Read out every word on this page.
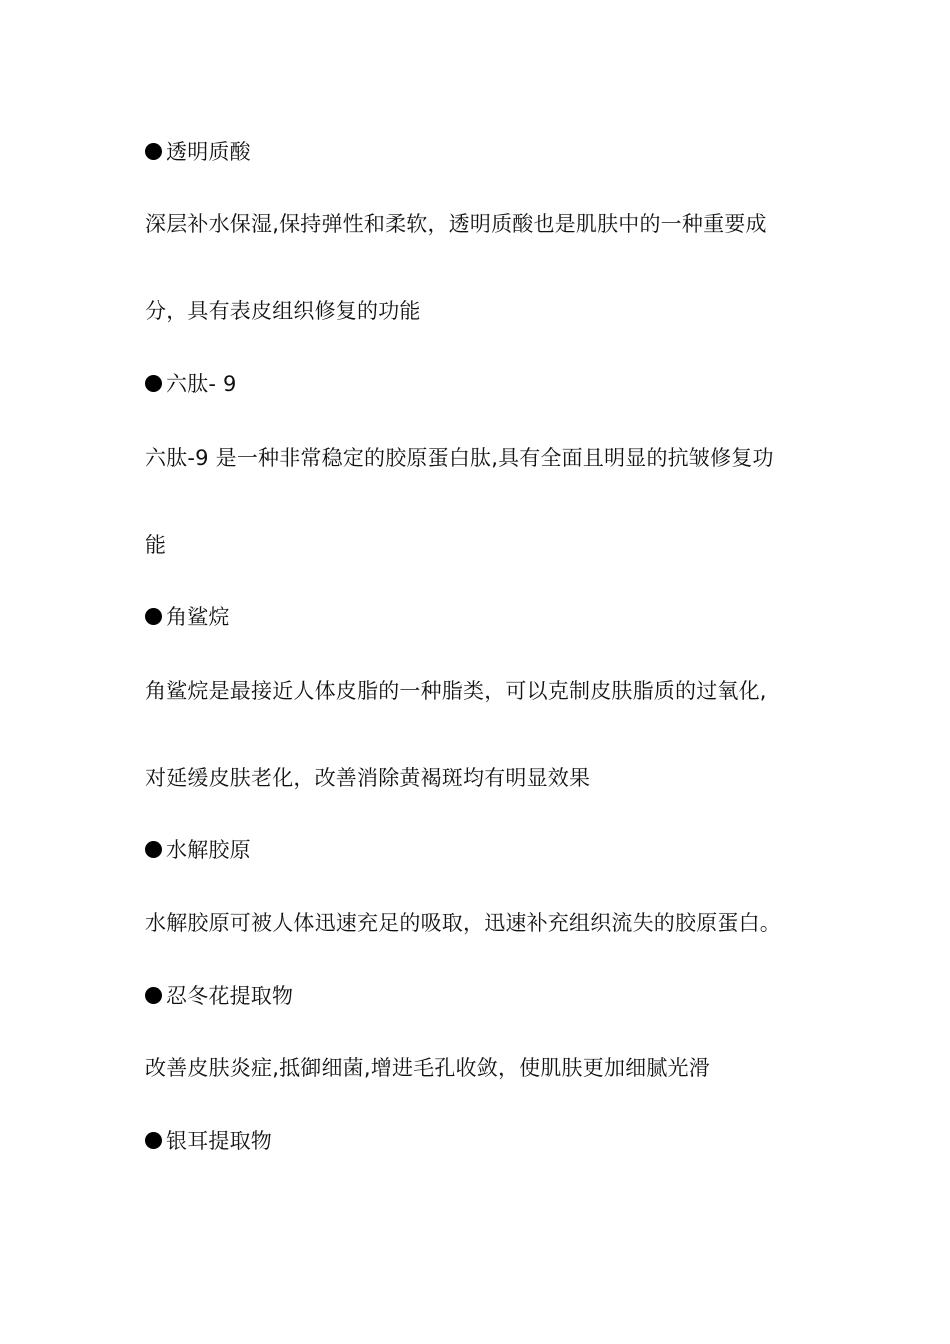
透明质酸
深层补水保湿,保持弹性和柔软，透明质酸也是肌肤中的一种重要成
分，具有表皮组织修复的功能
六肽- 9
六肽-9 是一种非常稳定的胶原蛋白肽,具有全面且明显的抗皱修复功
能
角鲨烷
角鲨烷是最接近人体皮脂的一种脂类，可以克制皮肤脂质的过氧化,
对延缓皮肤老化，改善消除黄褐斑均有明显效果
水解胶原
水解胶原可被人体迅速充足的吸取，迅速补充组织流失的胶原蛋白。
忍冬花提取物
改善皮肤炎症,抵御细菌,增进毛孔收敛，使肌肤更加细腻光滑
银耳提取物
